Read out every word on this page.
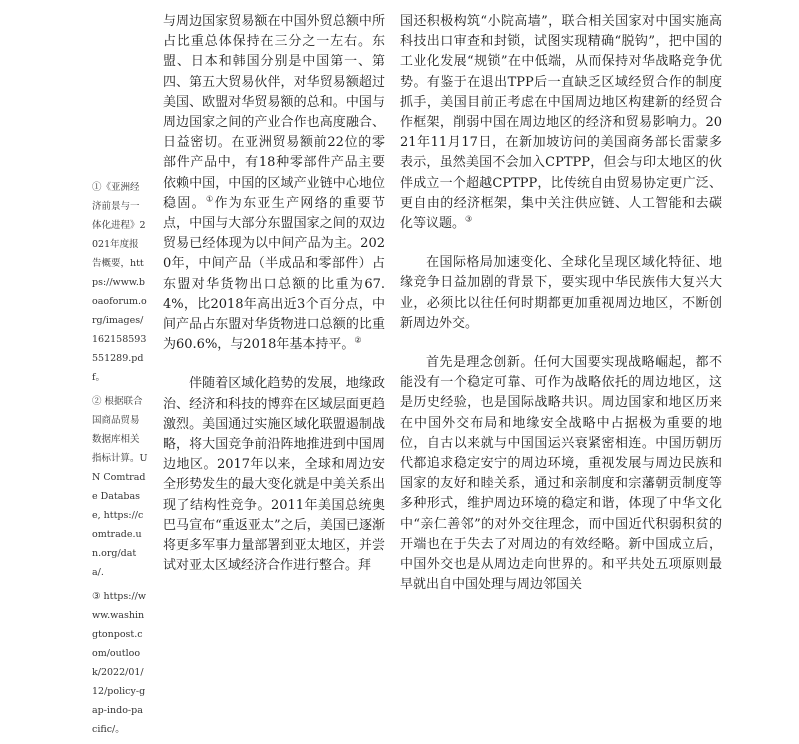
①《亚洲经济前景与一体化进程》2021年度报告概要，https://www.boaoforum.org/images/162158593551289.pdf。
② 根据联合国商品贸易数据库相关指标计算。UN Comtrade Database, https://comtrade.un.org/data/.
③ https://www.washingtonpost.com/outlook/2022/01/12/policy-gap-indo-pacific/。

与周边国家贸易额在中国外贸总额中所占比重总体保持在三分之一左右。东盟、日本和韩国分别是中国第一、第四、第五大贸易伙伴，对华贸易额超过美国、欧盟对华贸易额的总和。中国与周边国家之间的产业合作也高度融合、日益密切。在亚洲贸易额前22位的零部件产品中，有18种零部件产品主要依赖中国，中国的区域产业链中心地位稳固。①作为东亚生产网络的重要节点，中国与大部分东盟国家之间的双边贸易已经体现为以中间产品为主。2020年，中间产品（半成品和零部件）占东盟对华货物出口总额的比重为67.4%，比2018年高出近3个百分点，中间产品占东盟对华货物进口总额的比重为60.6%，与2018年基本持平。②

伴随着区域化趋势的发展，地缘政治、经济和科技的博弈在区域层面更趋激烈。美国通过实施区域化联盟遏制战略，将大国竞争前沿阵地推进到中国周边地区。2017年以来，全球和周边安全形势发生的最大变化就是中美关系出现了结构性竞争。2011年美国总统奥巴马宣布“重返亚太”之后，美国已逐渐将更多军事力量部署到亚太地区，并尝试对亚太区域经济合作进行整合。拜

国还积极构筑“小院高墙”，联合相关国家对中国实施高科技出口审查和封锁，试图实现精确“脱钩”，把中国的工业化发展“规锁”在中低端，从而保持对华战略竞争优势。有鉴于在退出TPP后一直缺乏区域经贸合作的制度抓手，美国目前正考虑在中国周边地区构建新的经贸合作框架，削弱中国在周边地区的经济和贸易影响力。2021年11月17日，在新加坡访问的美国商务部长雷蒙多表示，虽然美国不会加入CPTPP，但会与印太地区的伙伴成立一个超越CPTPP，比传统自由贸易协定更广泛、更自由的经济框架，集中关注供应链、人工智能和去碳化等议题。③

在国际格局加速变化、全球化呈现区域化特征、地缘竞争日益加剧的背景下，要实现中华民族伟大复兴大业，必须比以往任何时期都更加重视周边地区，不断创新周边外交。

首先是理念创新。任何大国要实现战略崛起，都不能没有一个稳定可靠、可作为战略依托的周边地区，这是历史经验，也是国际战略共识。周边国家和地区历来在中国外交布局和地缘安全战略中占据极为重要的地位，自古以来就与中国国运兴衰紧密相连。中国历朝历代都追求稳定安宁的周边环境，重视发展与周边民族和国家的友好和睦关系，通过和亲制度和宗藩朝贡制度等多种形式，维护周边环境的稳定和谐，体现了中华文化中“亲仁善邻”的对外交往理念，而中国近代积弱积贫的开端也在于失去了对周边的有效经略。新中国成立后，中国外交也是从周边走向世界的。和平共处五项原则最早就出自中国处理与周边邻国关
